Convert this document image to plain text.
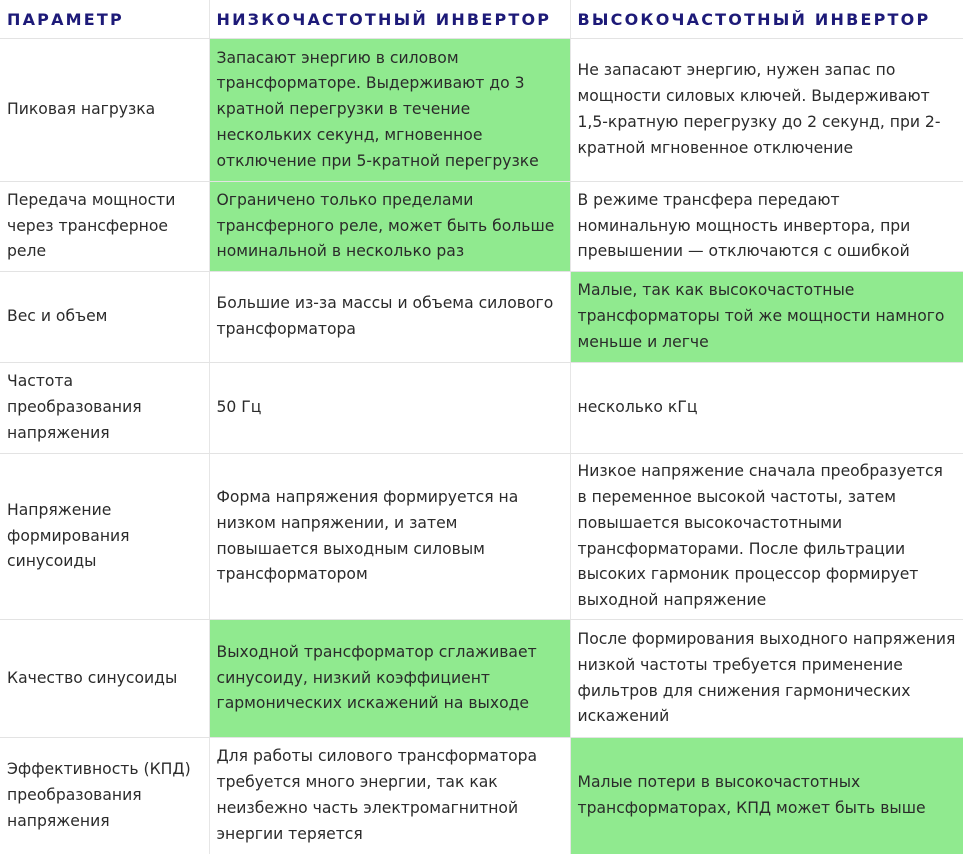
ПАРАМЕТР	НИЗКОЧАСТОТНЫЙ ИНВЕРТОР	ВЫСОКОЧАСТОТНЫЙ ИНВЕРТОР
Пиковая нагрузка	Запасают энергию в силовом трансформаторе. Выдерживают до 3 кратной перегрузки в течение нескольких секунд, мгновенное отключение при 5-кратной перегрузке	Не запасают энергию, нужен запас по мощности силовых ключей. Выдерживают 1,5-кратную перегрузку до 2 секунд, при 2-кратной мгновенное отключение
Передача мощности через трансферное реле	Ограничено только пределами трансферного реле, может быть больше номинальной в несколько раз	В режиме трансфера передают номинальную мощность инвертора, при превышении — отключаются с ошибкой
Вес и объем	Большие из-за массы и объема силового трансформатора	Малые, так как высокочастотные трансформаторы той же мощности намного меньше и легче
Частота преобразования напряжения	50 Гц	несколько кГц
Напряжение формирования синусоиды	Форма напряжения формируется на низком напряжении, и затем повышается выходным силовым трансформатором	Низкое напряжение сначала преобразуется в переменное высокой частоты, затем повышается высокочастотными трансформаторами. После фильтрации высоких гармоник процессор формирует выходной напряжение
Качество синусоиды	Выходной трансформатор сглаживает синусоиду, низкий коэффициент гармонических искажений на выходе	После формирования выходного напряжения низкой частоты требуется применение фильтров для снижения гармонических искажений
Эффективность (КПД) преобразования напряжения	Для работы силового трансформатора требуется много энергии, так как неизбежно часть электромагнитной энергии теряется	Малые потери в высокочастотных трансформаторах, КПД может быть выше
